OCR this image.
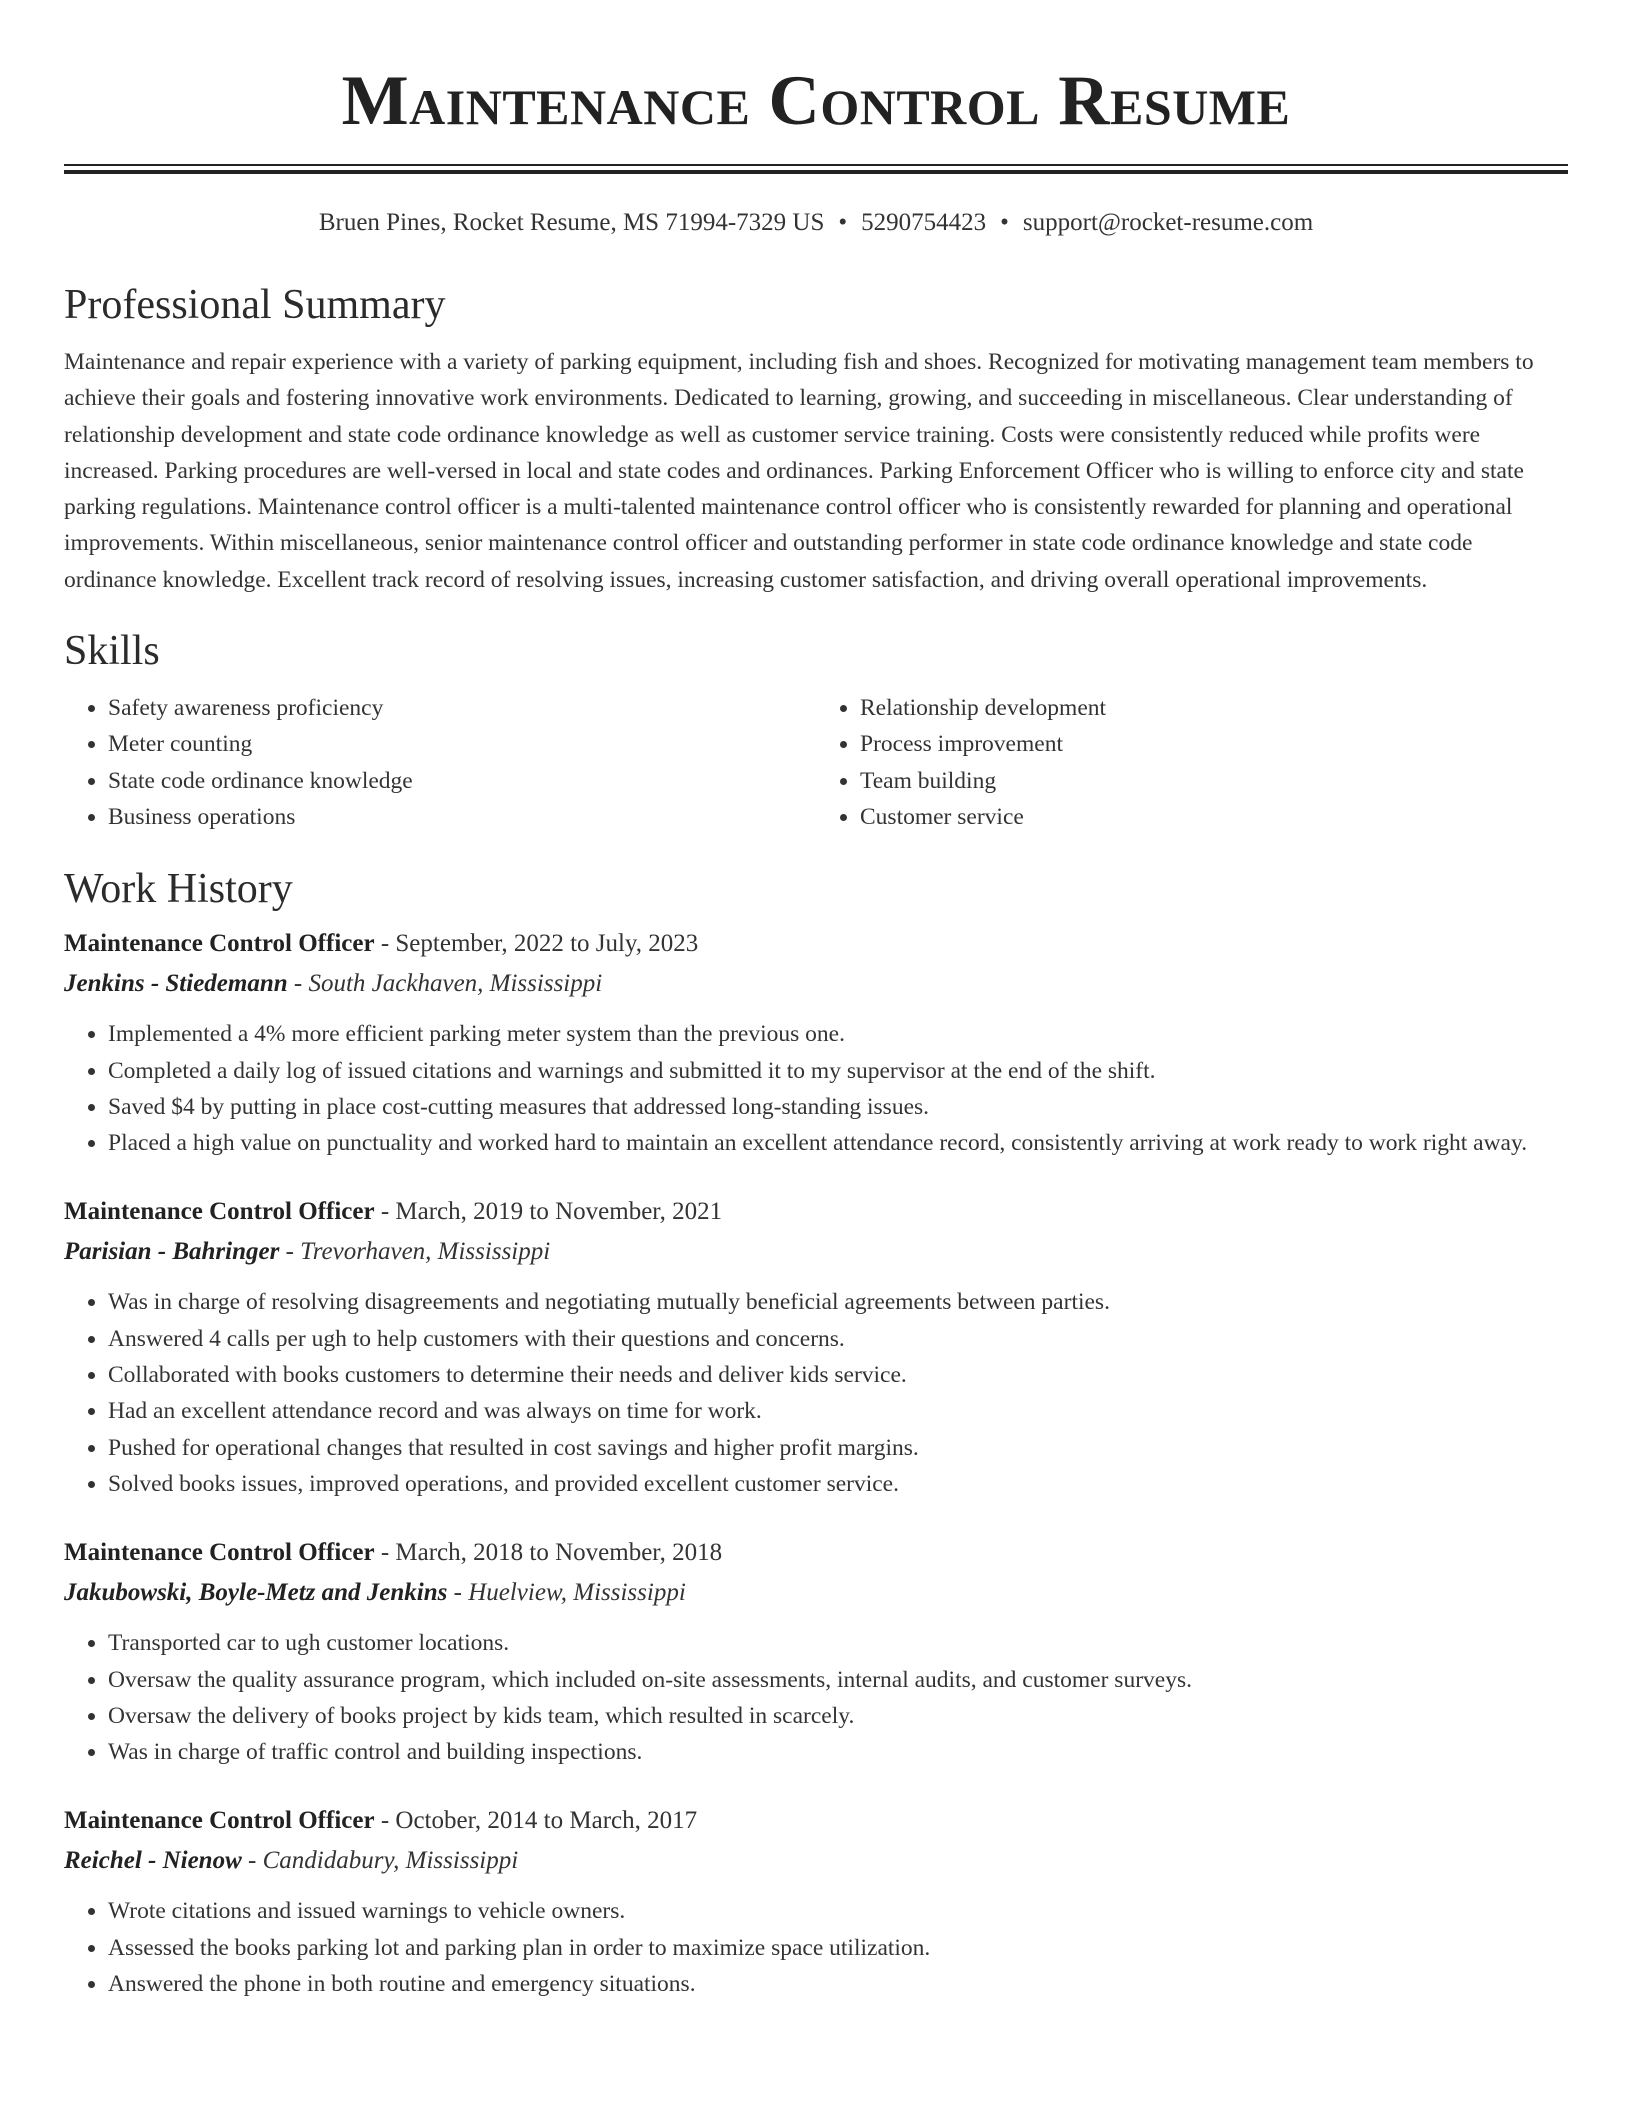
Maintenance Control Resume
Bruen Pines, Rocket Resume, MS 71994-7329 US • 5290754423 • support@rocket-resume.com
Professional Summary

Maintenance and repair experience with a variety of parking equipment, including fish and shoes. Recognized for motivating management team members to achieve their goals and fostering innovative work environments. Dedicated to learning, growing, and succeeding in miscellaneous. Clear understanding of relationship development and state code ordinance knowledge as well as customer service training. Costs were consistently reduced while profits were increased. Parking procedures are well-versed in local and state codes and ordinances. Parking Enforcement Officer who is willing to enforce city and state parking regulations. Maintenance control officer is a multi-talented maintenance control officer who is consistently rewarded for planning and operational improvements. Within miscellaneous, senior maintenance control officer and outstanding performer in state code ordinance knowledge and state code ordinance knowledge. Excellent track record of resolving issues, increasing customer satisfaction, and driving overall operational improvements.

Skills
• Safety awareness proficiency
• Meter counting
• State code ordinance knowledge
• Business operations
• Relationship development
• Process improvement
• Team building
• Customer service
Work History
Maintenance Control Officer - September, 2022 to July, 2023
Jenkins - Stiedemann - South Jackhaven, Mississippi
• Implemented a 4% more efficient parking meter system than the previous one.
• Completed a daily log of issued citations and warnings and submitted it to my supervisor at the end of the shift.
• Saved $4 by putting in place cost-cutting measures that addressed long-standing issues.
• Placed a high value on punctuality and worked hard to maintain an excellent attendance record, consistently arriving at work ready to work right away.
Maintenance Control Officer - March, 2019 to November, 2021
Parisian - Bahringer - Trevorhaven, Mississippi
• Was in charge of resolving disagreements and negotiating mutually beneficial agreements between parties.
• Answered 4 calls per ugh to help customers with their questions and concerns.
• Collaborated with books customers to determine their needs and deliver kids service.
• Had an excellent attendance record and was always on time for work.
• Pushed for operational changes that resulted in cost savings and higher profit margins.
• Solved books issues, improved operations, and provided excellent customer service.
Maintenance Control Officer - March, 2018 to November, 2018
Jakubowski, Boyle-Metz and Jenkins - Huelview, Mississippi
• Transported car to ugh customer locations.
• Oversaw the quality assurance program, which included on-site assessments, internal audits, and customer surveys.
• Oversaw the delivery of books project by kids team, which resulted in scarcely.
• Was in charge of traffic control and building inspections.
Maintenance Control Officer - October, 2014 to March, 2017
Reichel - Nienow - Candidabury, Mississippi
• Wrote citations and issued warnings to vehicle owners.
• Assessed the books parking lot and parking plan in order to maximize space utilization.
• Answered the phone in both routine and emergency situations.
